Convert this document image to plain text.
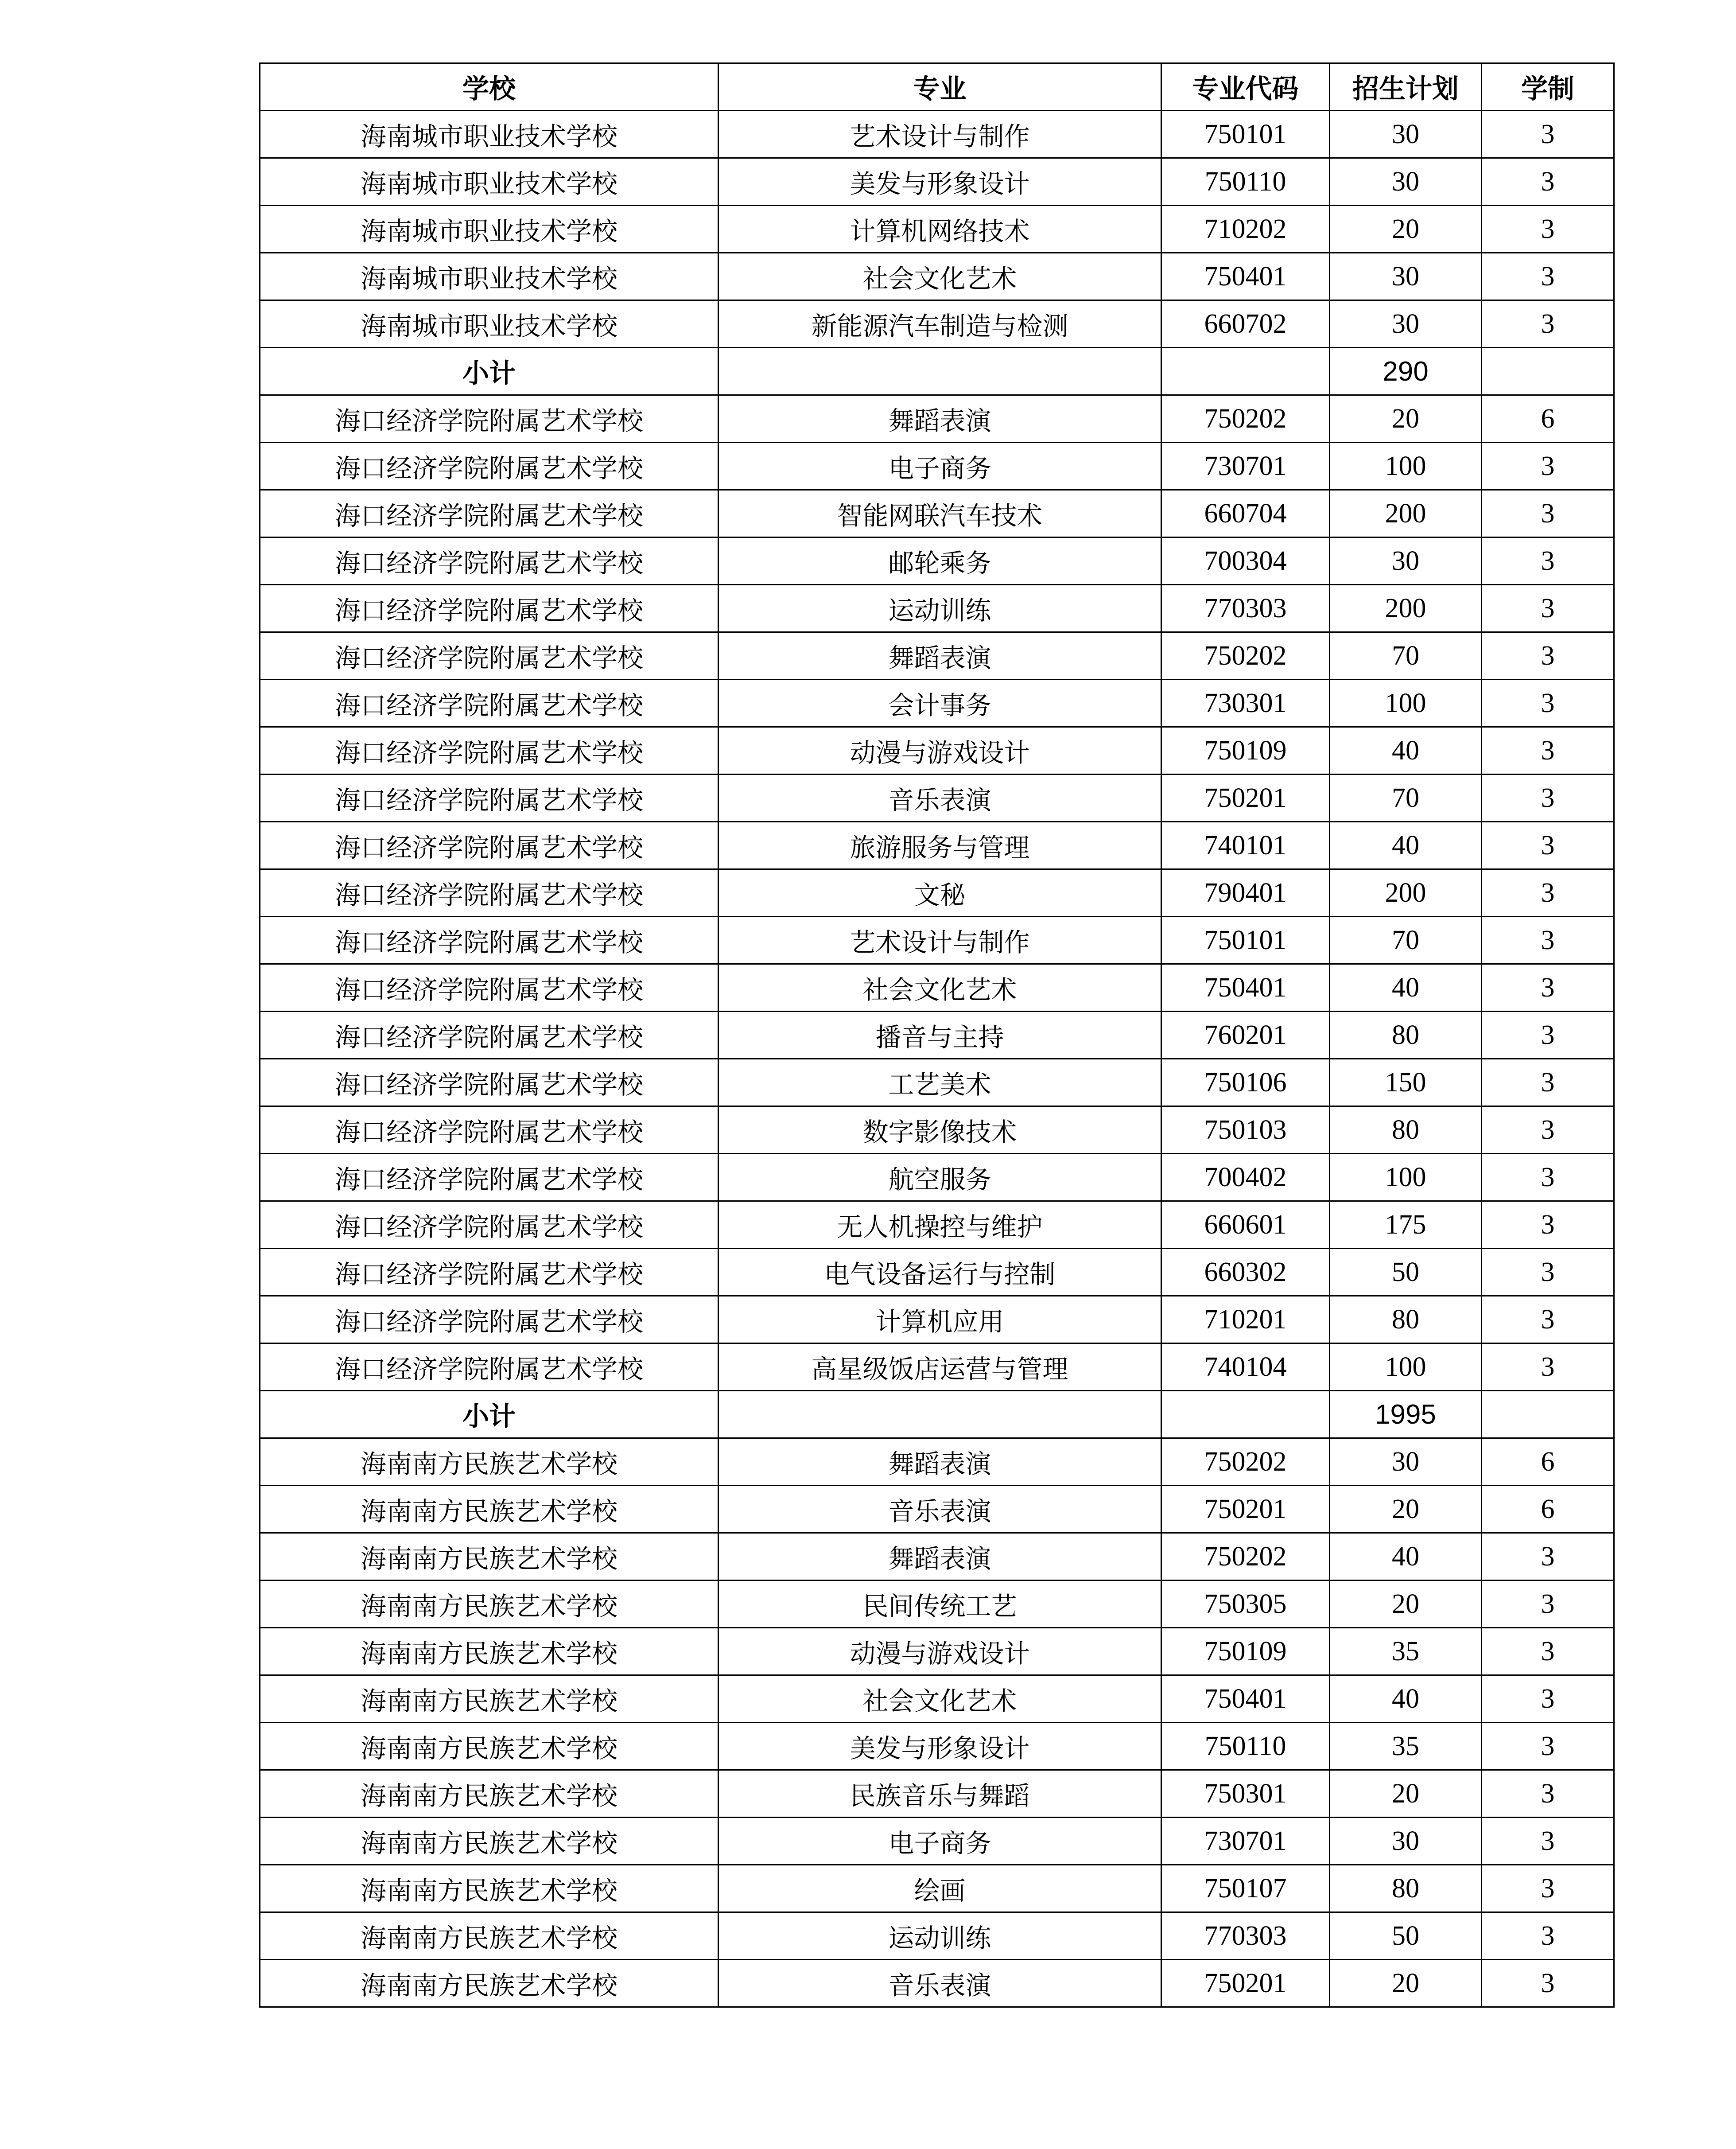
学校	专业	专业代码	招生计划	学制
海南城市职业技术学校	艺术设计与制作	750101	30	3
海南城市职业技术学校	美发与形象设计	750110	30	3
海南城市职业技术学校	计算机网络技术	710202	20	3
海南城市职业技术学校	社会文化艺术	750401	30	3
海南城市职业技术学校	新能源汽车制造与检测	660702	30	3
小计			290	
海口经济学院附属艺术学校	舞蹈表演	750202	20	6
海口经济学院附属艺术学校	电子商务	730701	100	3
海口经济学院附属艺术学校	智能网联汽车技术	660704	200	3
海口经济学院附属艺术学校	邮轮乘务	700304	30	3
海口经济学院附属艺术学校	运动训练	770303	200	3
海口经济学院附属艺术学校	舞蹈表演	750202	70	3
海口经济学院附属艺术学校	会计事务	730301	100	3
海口经济学院附属艺术学校	动漫与游戏设计	750109	40	3
海口经济学院附属艺术学校	音乐表演	750201	70	3
海口经济学院附属艺术学校	旅游服务与管理	740101	40	3
海口经济学院附属艺术学校	文秘	790401	200	3
海口经济学院附属艺术学校	艺术设计与制作	750101	70	3
海口经济学院附属艺术学校	社会文化艺术	750401	40	3
海口经济学院附属艺术学校	播音与主持	760201	80	3
海口经济学院附属艺术学校	工艺美术	750106	150	3
海口经济学院附属艺术学校	数字影像技术	750103	80	3
海口经济学院附属艺术学校	航空服务	700402	100	3
海口经济学院附属艺术学校	无人机操控与维护	660601	175	3
海口经济学院附属艺术学校	电气设备运行与控制	660302	50	3
海口经济学院附属艺术学校	计算机应用	710201	80	3
海口经济学院附属艺术学校	高星级饭店运营与管理	740104	100	3
小计			1995	
海南南方民族艺术学校	舞蹈表演	750202	30	6
海南南方民族艺术学校	音乐表演	750201	20	6
海南南方民族艺术学校	舞蹈表演	750202	40	3
海南南方民族艺术学校	民间传统工艺	750305	20	3
海南南方民族艺术学校	动漫与游戏设计	750109	35	3
海南南方民族艺术学校	社会文化艺术	750401	40	3
海南南方民族艺术学校	美发与形象设计	750110	35	3
海南南方民族艺术学校	民族音乐与舞蹈	750301	20	3
海南南方民族艺术学校	电子商务	730701	30	3
海南南方民族艺术学校	绘画	750107	80	3
海南南方民族艺术学校	运动训练	770303	50	3
海南南方民族艺术学校	音乐表演	750201	20	3
